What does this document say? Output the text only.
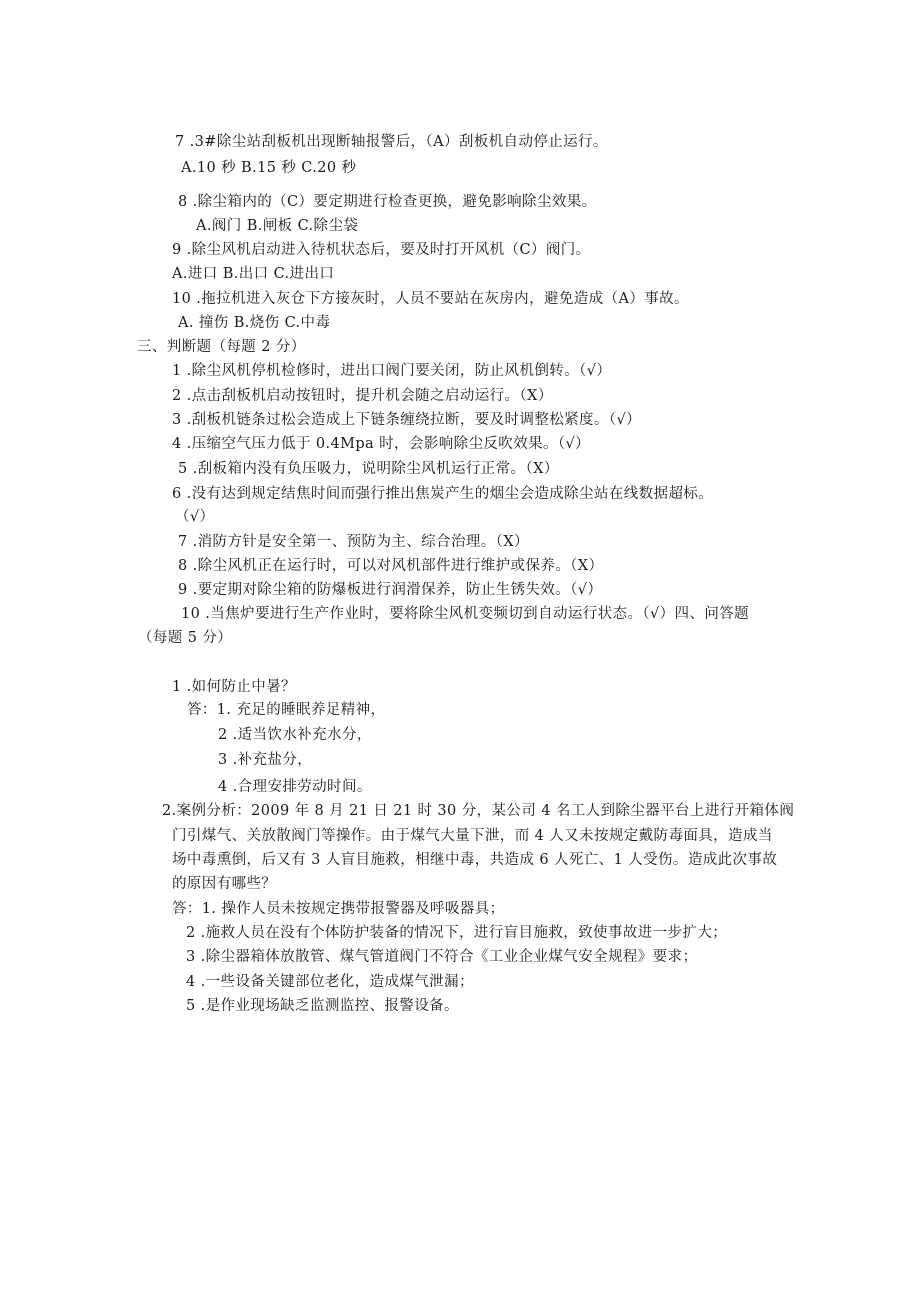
7 .3#除尘站刮板机出现断轴报警后，（A）刮板机自动停止运行。
A.10 秒 B.15 秒 C.20 秒
8 .除尘箱内的（C）要定期进行检查更换，避免影响除尘效果。
A.阀门 B.闸板 C.除尘袋
9 .除尘风机启动进入待机状态后，要及时打开风机（C）阀门。
A.进口 B.出口 C.进出口
10 .拖拉机进入灰仓下方接灰时，人员不要站在灰房内，避免造成（A）事故。
A. 撞伤 B.烧伤 C.中毒
三、判断题（每题 2 分）
1 .除尘风机停机检修时，进出口阀门要关闭，防止风机倒转。（√）
2 .点击刮板机启动按钮时，提升机会随之启动运行。（X）
3 .刮板机链条过松会造成上下链条缠绕拉断，要及时调整松紧度。（√）
4 .压缩空气压力低于 0.4Mpa 时，会影响除尘反吹效果。（√）
5 .刮板箱内没有负压吸力，说明除尘风机运行正常。（X）
6 .没有达到规定结焦时间而强行推出焦炭产生的烟尘会造成除尘站在线数据超标。
（√）
7 .消防方针是安全第一、预防为主、综合治理。（X）
8 .除尘风机正在运行时，可以对风机部件进行维护或保养。（X）
9 .要定期对除尘箱的防爆板进行润滑保养，防止生锈失效。（√）
10 .当焦炉要进行生产作业时，要将除尘风机变频切到自动运行状态。（√）四、问答题
（每题 5 分）
1 .如何防止中暑？
答：1. 充足的睡眠养足精神，
2 .适当饮水补充水分，
3 .补充盐分，
4 .合理安排劳动时间。
2.案例分析：2009 年 8 月 21 日 21 时 30 分，某公司 4 名工人到除尘器平台上进行开箱体阀
门引煤气、关放散阀门等操作。由于煤气大量下泄，而 4 人又未按规定戴防毒面具，造成当
场中毒熏倒，后又有 3 人盲目施救，相继中毒，共造成 6 人死亡、1 人受伤。造成此次事故
的原因有哪些？
答：1. 操作人员未按规定携带报警器及呼吸器具；
2 .施救人员在没有个体防护装备的情况下，进行盲目施救，致使事故进一步扩大；
3 .除尘器箱体放散管、煤气管道阀门不符合《工业企业煤气安全规程》要求；
4 .一些设备关键部位老化，造成煤气泄漏；
5 .是作业现场缺乏监测监控、报警设备。
